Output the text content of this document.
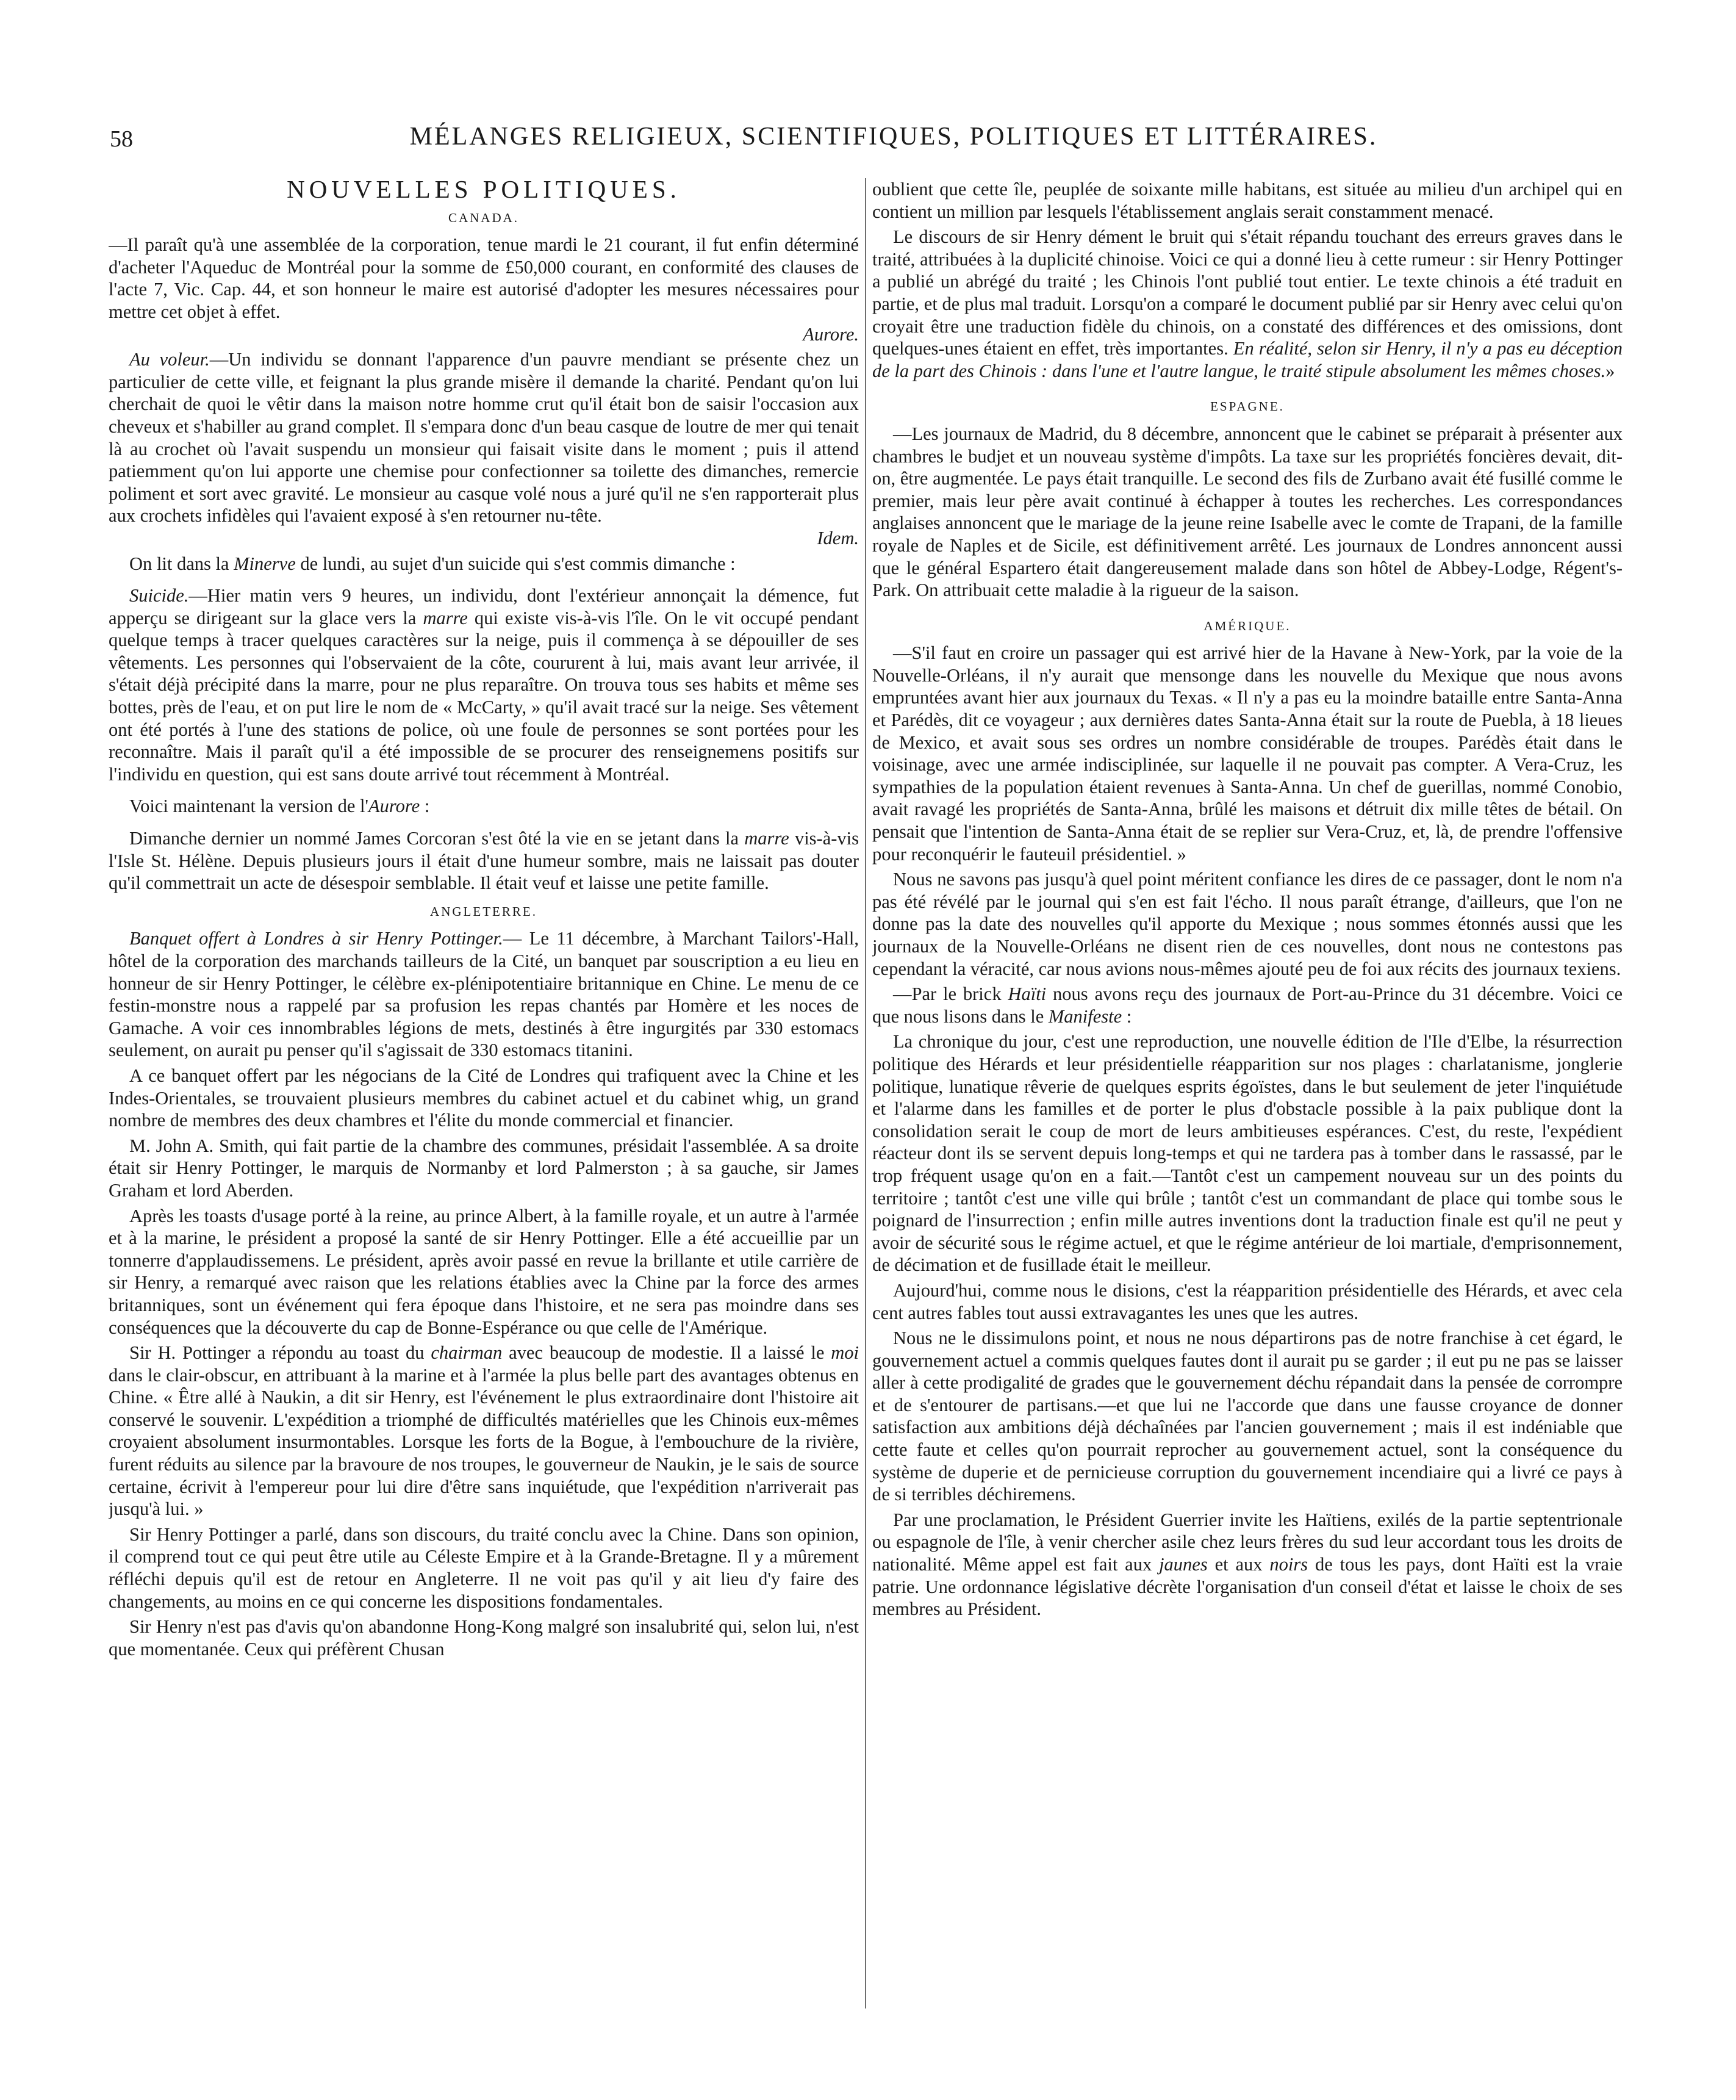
58	MÉLANGES RELIGIEUX, SCIENTIFIQUES, POLITIQUES ET LITTÉRAIRES.
NOUVELLES POLITIQUES.
CANADA.

—Il paraît qu'à une assemblée de la corporation, tenue mardi le 21 courant, il fut enfin déterminé d'acheter l'Aqueduc de Montréal pour la somme de £50,000 courant, en conformité des clauses de l'acte 7, Vic. Cap. 44, et son honneur le maire est autorisé d'adopter les mesures nécessaires pour mettre cet objet à effet.
Aurore.

Au voleur.—Un individu se donnant l'apparence d'un pauvre mendiant se présente chez un particulier de cette ville, et feignant la plus grande misère il demande la charité. Pendant qu'on lui cherchait de quoi le vêtir dans la maison notre homme crut qu'il était bon de saisir l'occasion aux cheveux et s'habiller au grand complet. Il s'empara donc d'un beau casque de loutre de mer qui tenait là au crochet où l'avait suspendu un monsieur qui faisait visite dans le moment ; puis il attend patiemment qu'on lui apporte une chemise pour confectionner sa toilette des dimanches, remercie poliment et sort avec gravité. Le monsieur au casque volé nous a juré qu'il ne s'en rapporterait plus aux crochets infidèles qui l'avaient exposé à s'en retourner nu-tête.
Idem.

On lit dans la Minerve de lundi, au sujet d'un suicide qui s'est commis dimanche :

Suicide.—Hier matin vers 9 heures, un individu, dont l'extérieur annonçait la démence, fut apperçu se dirigeant sur la glace vers la marre qui existe vis-à-vis l'île. On le vit occupé pendant quelque temps à tracer quelques caractères sur la neige, puis il commença à se dépouiller de ses vêtements. Les personnes qui l'observaient de la côte, coururent à lui, mais avant leur arrivée, il s'était déjà précipité dans la marre, pour ne plus reparaître. On trouva tous ses habits et même ses bottes, près de l'eau, et on put lire le nom de « McCarty, » qu'il avait tracé sur la neige. Ses vêtement ont été portés à l'une des stations de police, où une foule de personnes se sont portées pour les reconnaître. Mais il paraît qu'il a été impossible de se procurer des renseignemens positifs sur l'individu en question, qui est sans doute arrivé tout récemment à Montréal.

Voici maintenant la version de l'Aurore :

Dimanche dernier un nommé James Corcoran s'est ôté la vie en se jetant dans la marre vis-à-vis l'Isle St. Hélène. Depuis plusieurs jours il était d'une humeur sombre, mais ne laissait pas douter qu'il commettrait un acte de désespoir semblable. Il était veuf et laisse une petite famille.

ANGLETERRE.

Banquet offert à Londres à sir Henry Pottinger.— Le 11 décembre, à Marchant Tailors'-Hall, hôtel de la corporation des marchands tailleurs de la Cité, un banquet par souscription a eu lieu en honneur de sir Henry Pottinger, le célèbre ex-plénipotentiaire britannique en Chine. Le menu de ce festin-monstre nous a rappelé par sa profusion les repas chantés par Homère et les noces de Gamache. A voir ces innombrables légions de mets, destinés à être ingurgités par 330 estomacs seulement, on aurait pu penser qu'il s'agissait de 330 estomacs titanini.

A ce banquet offert par les négocians de la Cité de Londres qui trafiquent avec la Chine et les Indes-Orientales, se trouvaient plusieurs membres du cabinet actuel et du cabinet whig, un grand nombre de membres des deux chambres et l'élite du monde commercial et financier.

M. John A. Smith, qui fait partie de la chambre des communes, présidait l'assemblée. A sa droite était sir Henry Pottinger, le marquis de Normanby et lord Palmerston ; à sa gauche, sir James Graham et lord Aberden.

Après les toasts d'usage porté à la reine, au prince Albert, à la famille royale, et un autre à l'armée et à la marine, le président a proposé la santé de sir Henry Pottinger. Elle a été accueillie par un tonnerre d'applaudissemens. Le président, après avoir passé en revue la brillante et utile carrière de sir Henry, a remarqué avec raison que les relations établies avec la Chine par la force des armes britanniques, sont un événement qui fera époque dans l'histoire, et ne sera pas moindre dans ses conséquences que la découverte du cap de Bonne-Espérance ou que celle de l'Amérique.

Sir H. Pottinger a répondu au toast du chairman avec beaucoup de modestie. Il a laissé le moi dans le clair-obscur, en attribuant à la marine et à l'armée la plus belle part des avantages obtenus en Chine. « Être allé à Naukin, a dit sir Henry, est l'événement le plus extraordinaire dont l'histoire ait conservé le souvenir. L'expédition a triomphé de difficultés matérielles que les Chinois eux-mêmes croyaient absolument insurmontables. Lorsque les forts de la Bogue, à l'embouchure de la rivière, furent réduits au silence par la bravoure de nos troupes, le gouverneur de Naukin, je le sais de source certaine, écrivit à l'empereur pour lui dire d'être sans inquiétude, que l'expédition n'arriverait pas jusqu'à lui. »

Sir Henry Pottinger a parlé, dans son discours, du traité conclu avec la Chine. Dans son opinion, il comprend tout ce qui peut être utile au Céleste Empire et à la Grande-Bretagne. Il y a mûrement réfléchi depuis qu'il est de retour en Angleterre. Il ne voit pas qu'il y ait lieu d'y faire des changements, au moins en ce qui concerne les dispositions fondamentales.

Sir Henry n'est pas d'avis qu'on abandonne Hong-Kong malgré son insalubrité qui, selon lui, n'est que momentanée. Ceux qui préfèrent Chusan

oublient que cette île, peuplée de soixante mille habitans, est située au milieu d'un archipel qui en contient un million par lesquels l'établissement anglais serait constamment menacé.

Le discours de sir Henry dément le bruit qui s'était répandu touchant des erreurs graves dans le traité, attribuées à la duplicité chinoise. Voici ce qui a donné lieu à cette rumeur : sir Henry Pottinger a publié un abrégé du traité ; les Chinois l'ont publié tout entier. Le texte chinois a été traduit en partie, et de plus mal traduit. Lorsqu'on a comparé le document publié par sir Henry avec celui qu'on croyait être une traduction fidèle du chinois, on a constaté des différences et des omissions, dont quelques-unes étaient en effet, très importantes. En réalité, selon sir Henry, il n'y a pas eu déception de la part des Chinois : dans l'une et l'autre langue, le traité stipule absolument les mêmes choses.»

ESPAGNE.

—Les journaux de Madrid, du 8 décembre, annoncent que le cabinet se préparait à présenter aux chambres le budjet et un nouveau système d'impôts. La taxe sur les propriétés foncières devait, dit-on, être augmentée. Le pays était tranquille. Le second des fils de Zurbano avait été fusillé comme le premier, mais leur père avait continué à échapper à toutes les recherches. Les correspondances anglaises annoncent que le mariage de la jeune reine Isabelle avec le comte de Trapani, de la famille royale de Naples et de Sicile, est définitivement arrêté. Les journaux de Londres annoncent aussi que le général Espartero était dangereusement malade dans son hôtel de Abbey-Lodge, Régent's-Park. On attribuait cette maladie à la rigueur de la saison.

AMÉRIQUE.

—S'il faut en croire un passager qui est arrivé hier de la Havane à New-York, par la voie de la Nouvelle-Orléans, il n'y aurait que mensonge dans les nouvelle du Mexique que nous avons empruntées avant hier aux journaux du Texas. « Il n'y a pas eu la moindre bataille entre Santa-Anna et Parédès, dit ce voyageur ; aux dernières dates Santa-Anna était sur la route de Puebla, à 18 lieues de Mexico, et avait sous ses ordres un nombre considérable de troupes. Parédès était dans le voisinage, avec une armée indisciplinée, sur laquelle il ne pouvait pas compter. A Vera-Cruz, les sympathies de la population étaient revenues à Santa-Anna. Un chef de guerillas, nommé Conobio, avait ravagé les propriétés de Santa-Anna, brûlé les maisons et détruit dix mille têtes de bétail. On pensait que l'intention de Santa-Anna était de se replier sur Vera-Cruz, et, là, de prendre l'offensive pour reconquérir le fauteuil présidentiel. »

Nous ne savons pas jusqu'à quel point méritent confiance les dires de ce passager, dont le nom n'a pas été révélé par le journal qui s'en est fait l'écho. Il nous paraît étrange, d'ailleurs, que l'on ne donne pas la date des nouvelles qu'il apporte du Mexique ; nous sommes étonnés aussi que les journaux de la Nouvelle-Orléans ne disent rien de ces nouvelles, dont nous ne contestons pas cependant la véracité, car nous avions nous-mêmes ajouté peu de foi aux récits des journaux texiens.

—Par le brick Haïti nous avons reçu des journaux de Port-au-Prince du 31 décembre. Voici ce que nous lisons dans le Manifeste :

La chronique du jour, c'est une reproduction, une nouvelle édition de l'Ile d'Elbe, la résurrection politique des Hérards et leur présidentielle réapparition sur nos plages : charlatanisme, jonglerie politique, lunatique rêverie de quelques esprits égoïstes, dans le but seulement de jeter l'inquiétude et l'alarme dans les familles et de porter le plus d'obstacle possible à la paix publique dont la consolidation serait le coup de mort de leurs ambitieuses espérances. C'est, du reste, l'expédient réacteur dont ils se servent depuis long-temps et qui ne tardera pas à tomber dans le rassassé, par le trop fréquent usage qu'on en a fait.—Tantôt c'est un campement nouveau sur un des points du territoire ; tantôt c'est une ville qui brûle ; tantôt c'est un commandant de place qui tombe sous le poignard de l'insurrection ; enfin mille autres inventions dont la traduction finale est qu'il ne peut y avoir de sécurité sous le régime actuel, et que le régime antérieur de loi martiale, d'emprisonnement, de décimation et de fusillade était le meilleur.

Aujourd'hui, comme nous le disions, c'est la réapparition présidentielle des Hérards, et avec cela cent autres fables tout aussi extravagantes les unes que les autres.

Nous ne le dissimulons point, et nous ne nous départirons pas de notre franchise à cet égard, le gouvernement actuel a commis quelques fautes dont il aurait pu se garder ; il eut pu ne pas se laisser aller à cette prodigalité de grades que le gouvernement déchu répandait dans la pensée de corrompre et de s'entourer de partisans.—et que lui ne l'accorde que dans une fausse croyance de donner satisfaction aux ambitions déjà déchaînées par l'ancien gouvernement ; mais il est indéniable que cette faute et celles qu'on pourrait reprocher au gouvernement actuel, sont la conséquence du système de duperie et de pernicieuse corruption du gouvernement incendiaire qui a livré ce pays à de si terribles déchiremens.

Par une proclamation, le Président Guerrier invite les Haïtiens, exilés de la partie septentrionale ou espagnole de l'île, à venir chercher asile chez leurs frères du sud leur accordant tous les droits de nationalité. Même appel est fait aux jaunes et aux noirs de tous les pays, dont Haïti est la vraie patrie. Une ordonnance législative décrète l'organisation d'un conseil d'état et laisse le choix de ses membres au Président.
